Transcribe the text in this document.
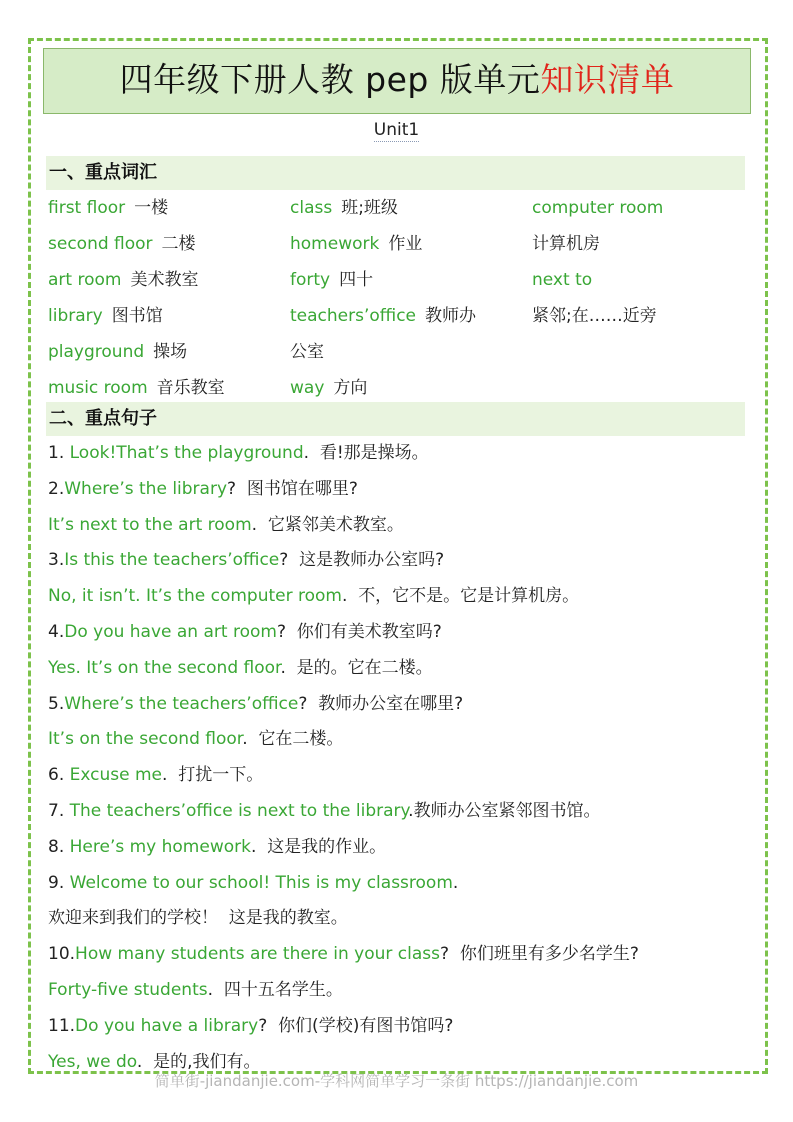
四年级下册人教 pep 版单元知识清单
Unit1
一、重点词汇
first floor 一楼	class 班;班级	computer room
second floor 二楼	homework 作业	计算机房
art room 美术教室	forty 四十	next to
library 图书馆	teachers’office 教师办	紧邻;在……近旁
playground 操场	公室
music room 音乐教室	way 方向
二、重点句子
1. Look!That’s the playground.  看!那是操场。
2.Where’s the library?  图书馆在哪里?
It’s next to the art room.  它紧邻美术教室。
3.Is this the teachers’office?  这是教师办公室吗?
No, it isn’t. It’s the computer room.  不，它不是。它是计算机房。
4.Do you have an art room?  你们有美术教室吗?
Yes. It’s on the second floor.  是的。它在二楼。
5.Where’s the teachers’office?  教师办公室在哪里?
It’s on the second floor.  它在二楼。
6. Excuse me.  打扰一下。
7. The teachers’office is next to the library.教师办公室紧邻图书馆。
8. Here’s my homework.  这是我的作业。
9. Welcome to our school! This is my classroom.
欢迎来到我们的学校！  这是我的教室。
10.How many students are there in your class?  你们班里有多少名学生?
Forty-five students.  四十五名学生。
11.Do you have a library?  你们(学校)有图书馆吗?
Yes, we do.  是的,我们有。
简单街-jiandanjie.com-学科网简单学习一条街 https://jiandanjie.com
